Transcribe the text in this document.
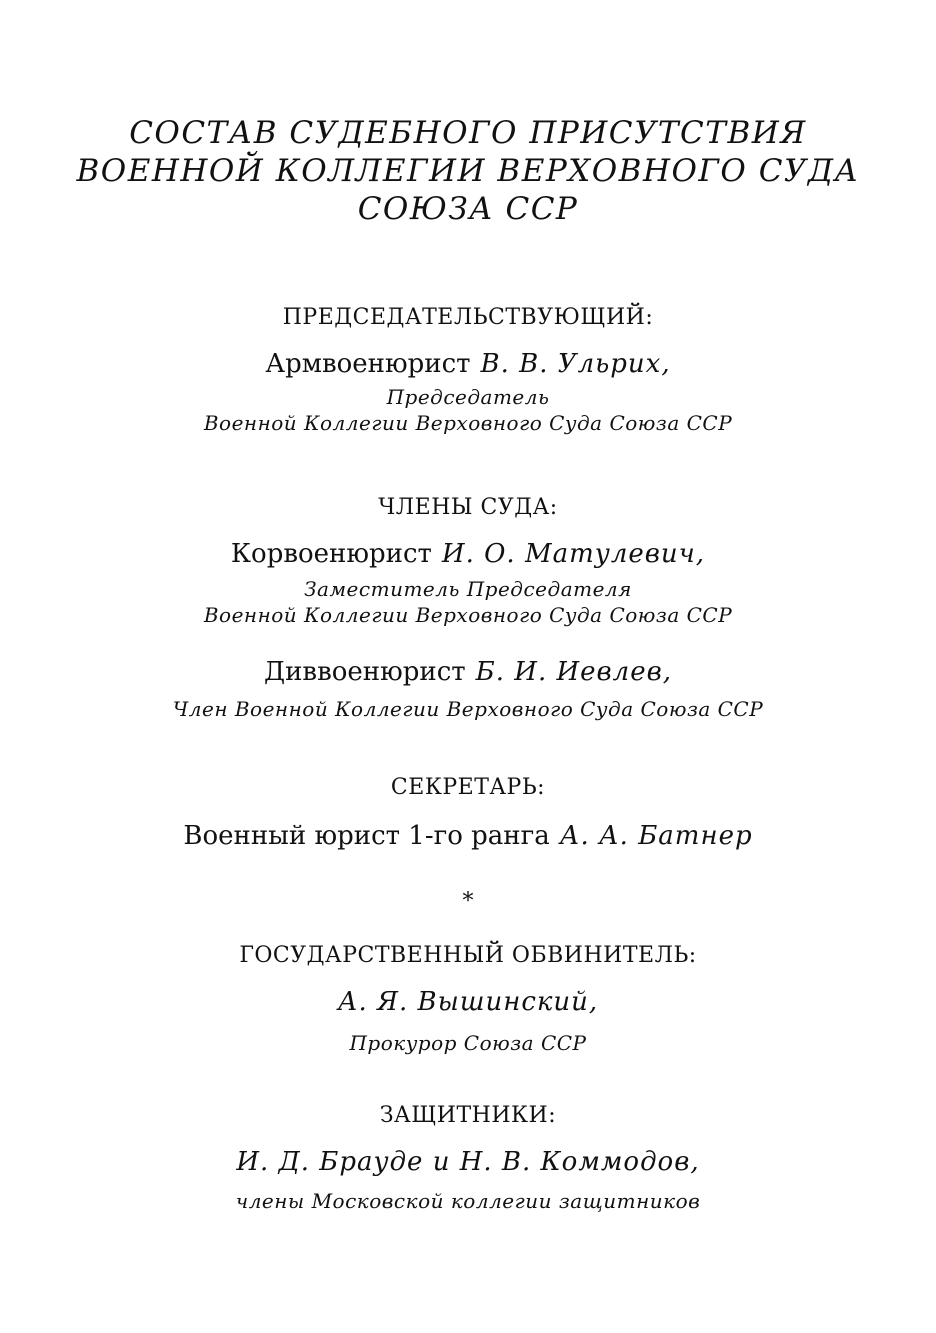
СОСТАВ СУДЕБНОГО ПРИСУТСТВИЯ
ВОЕННОЙ КОЛЛЕГИИ ВЕРХОВНОГО СУДА
СОЮЗА ССР
ПРЕДСЕДАТЕЛЬСТВУЮЩИЙ:
Армвоенюрист В. В. Ульрих,
Председатель
Военной Коллегии Верховного Суда Союза ССР
ЧЛЕНЫ СУДА:
Корвоенюрист И. О. Матулевич,
Заместитель Председателя
Военной Коллегии Верховного Суда Союза ССР
Диввоенюрист Б. И. Иевлев,
Член Военной Коллегии Верховного Суда Союза ССР
СЕКРЕТАРЬ:
Военный юрист 1-го ранга А. А. Батнер
*
ГОСУДАРСТВЕННЫЙ ОБВИНИТЕЛЬ:
А. Я. Вышинский,
Прокурор Союза ССР
ЗАЩИТНИКИ:
И. Д. Брауде и Н. В. Коммодов,
члены Московской коллегии защитников
